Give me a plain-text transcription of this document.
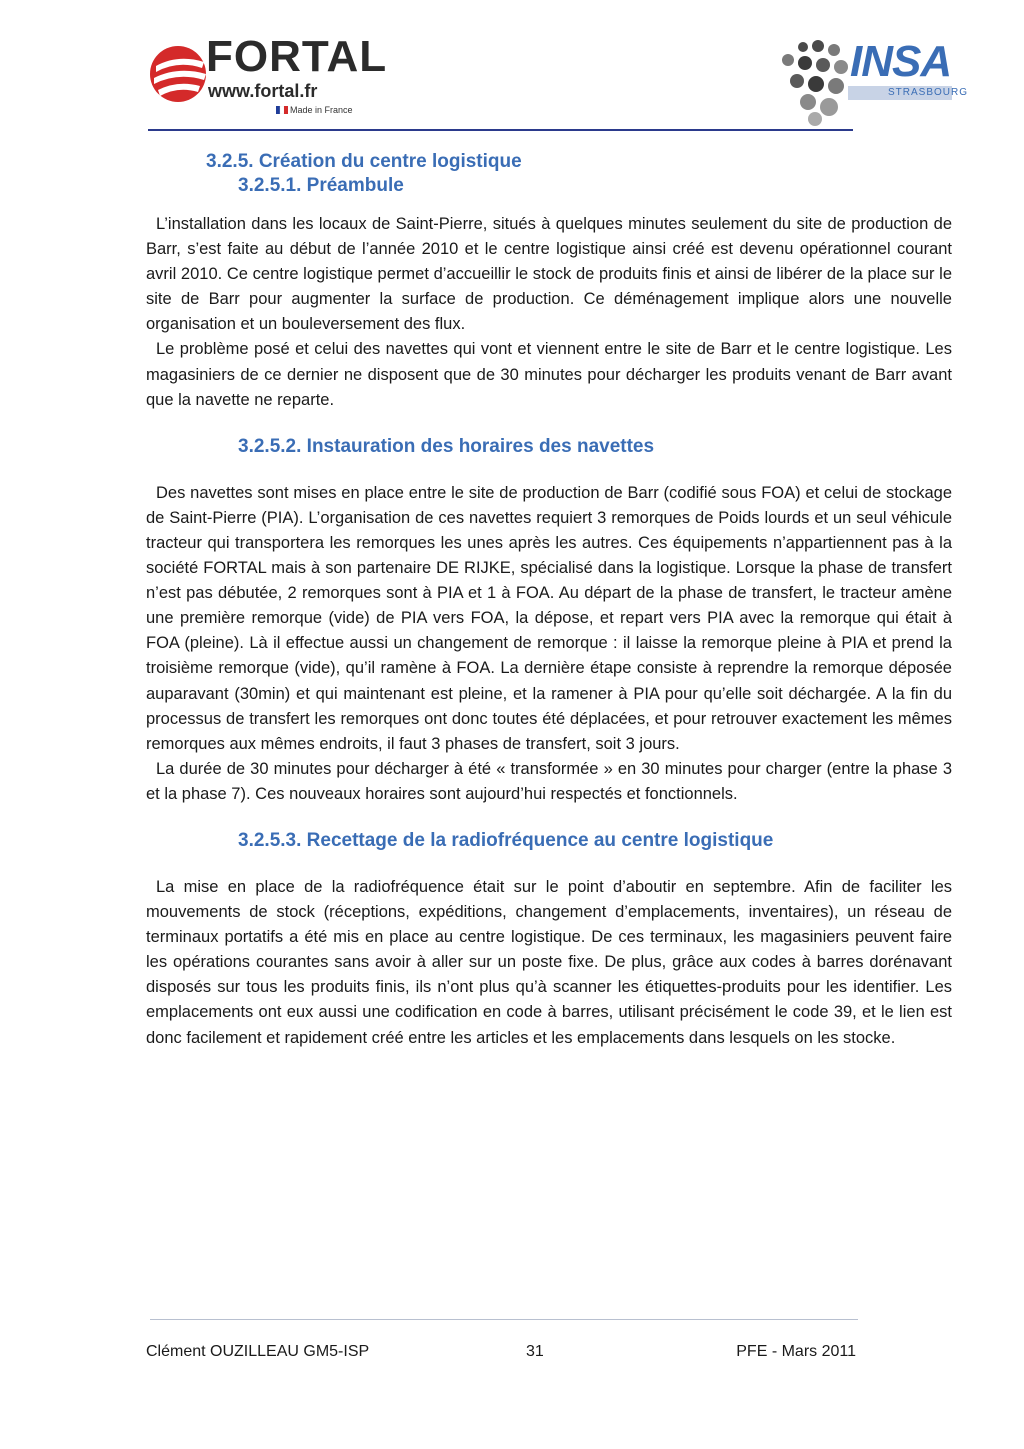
FORTAL
www.fortal.fr
Made in France
INSA
STRASBOURG
3.2.5. Création du centre logistique
3.2.5.1. Préambule

L’installation dans les locaux de Saint-Pierre, situés à quelques minutes seulement du site de production de Barr, s’est faite au début de l’année 2010 et le centre logistique ainsi créé est devenu opérationnel courant avril 2010. Ce centre logistique permet d’accueillir le stock de produits finis et ainsi de libérer de la place sur le site de Barr pour augmenter la surface de production. Ce déménagement implique alors une nouvelle organisation et un bouleversement des flux.

Le problème posé et celui des navettes qui vont et viennent entre le site de Barr et le centre logistique. Les magasiniers de ce dernier ne disposent que de 30 minutes pour décharger les produits venant de Barr avant que la navette ne reparte.

3.2.5.2. Instauration des horaires des navettes

Des navettes sont mises en place entre le site de production de Barr (codifié sous FOA) et celui de stockage de Saint-Pierre (PIA). L’organisation de ces navettes requiert 3 remorques de Poids lourds et un seul véhicule tracteur qui transportera les remorques les unes après les autres. Ces équipements n’appartiennent pas à la société FORTAL mais à son partenaire DE RIJKE, spécialisé dans la logistique. Lorsque la phase de transfert n’est pas débutée, 2 remorques sont à PIA et 1 à FOA. Au départ de la phase de transfert, le tracteur amène une première remorque (vide) de PIA vers FOA, la dépose, et repart vers PIA avec la remorque qui était à FOA (pleine). Là il effectue aussi un changement de remorque : il laisse la remorque pleine à PIA et prend la troisième remorque (vide), qu’il ramène à FOA. La dernière étape consiste à reprendre la remorque déposée auparavant (30min) et qui maintenant est pleine, et la ramener à PIA pour qu’elle soit déchargée. A la fin du processus de transfert les remorques ont donc toutes été déplacées, et pour retrouver exactement les mêmes remorques aux mêmes endroits, il faut 3 phases de transfert, soit 3 jours.

La durée de 30 minutes pour décharger à été « transformée » en 30 minutes pour charger (entre la phase 3 et la phase 7). Ces nouveaux horaires sont aujourd’hui respectés et fonctionnels.

3.2.5.3. Recettage de la radiofréquence au centre logistique

La mise en place de la radiofréquence était sur le point d’aboutir en septembre. Afin de faciliter les mouvements de stock (réceptions, expéditions, changement d’emplacements, inventaires), un réseau de terminaux portatifs a été mis en place au centre logistique. De ces terminaux, les magasiniers peuvent faire les opérations courantes sans avoir à aller sur un poste fixe. De plus, grâce aux codes à barres dorénavant disposés sur tous les produits finis, ils n’ont plus qu’à scanner les étiquettes-produits pour les identifier. Les emplacements ont eux aussi une codification en code à barres, utilisant précisément le code 39, et le lien est donc facilement et rapidement créé entre les articles et les emplacements dans lesquels on les stocke.

Clément OUZILLEAU GM5-ISP	31	PFE - Mars 2011
